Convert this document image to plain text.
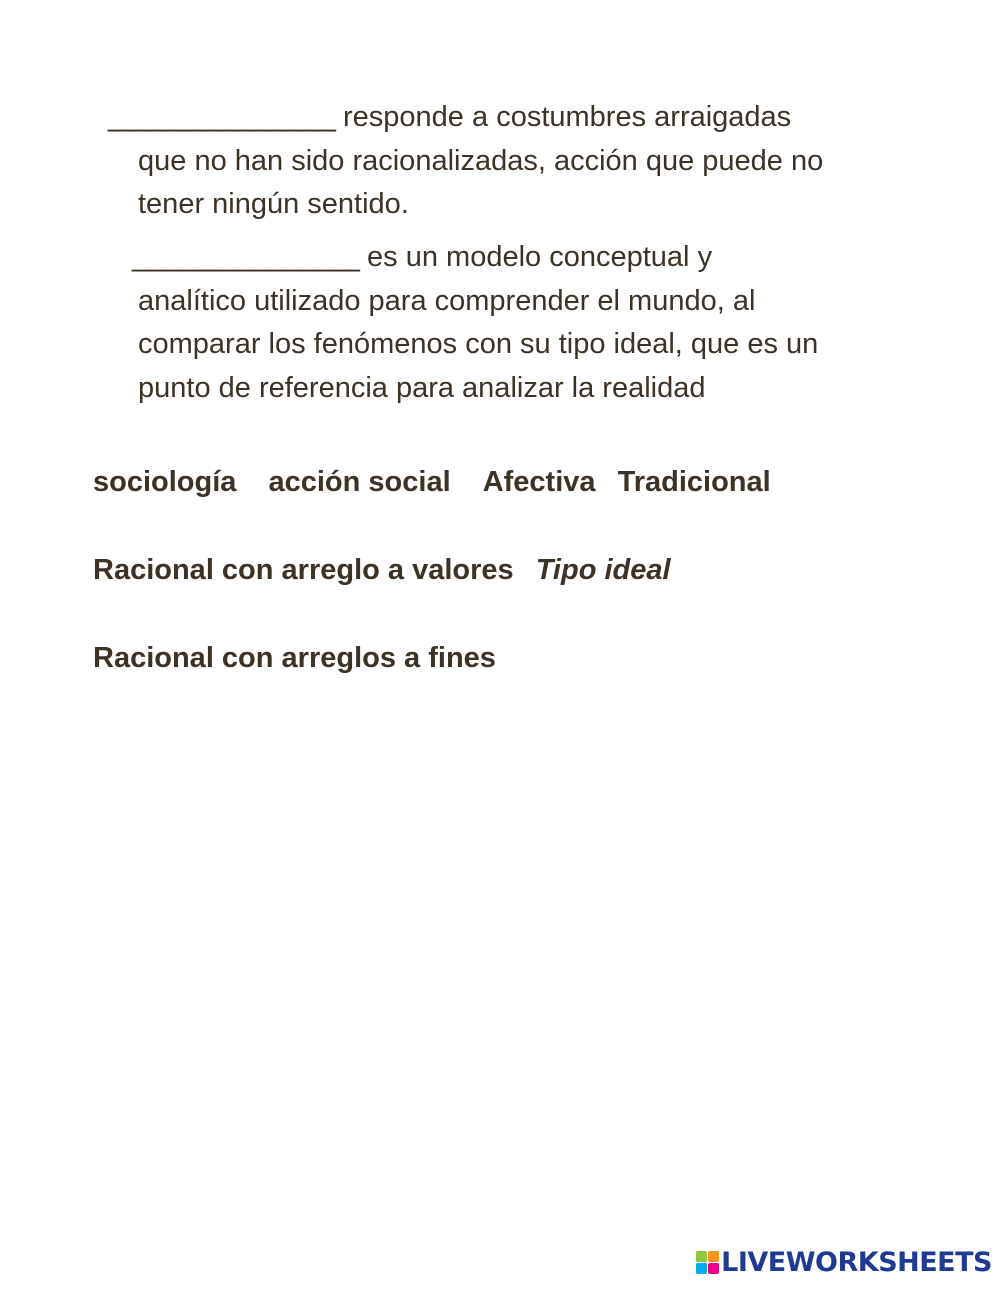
_______________ responde a costumbres arraigadas
que no han sido racionalizadas, acción que puede no
tener ningún sentido.
_______________ es un modelo conceptual y
analítico utilizado para comprender el mundo, al
comparar los fenómenos con su tipo ideal, que es un
punto de referencia para analizar la realidad
sociología acción social Afectiva Tradicional
Racional con arreglo a valores Tipo ideal
Racional con arreglos a fines
LIVEWORKSHEETS
